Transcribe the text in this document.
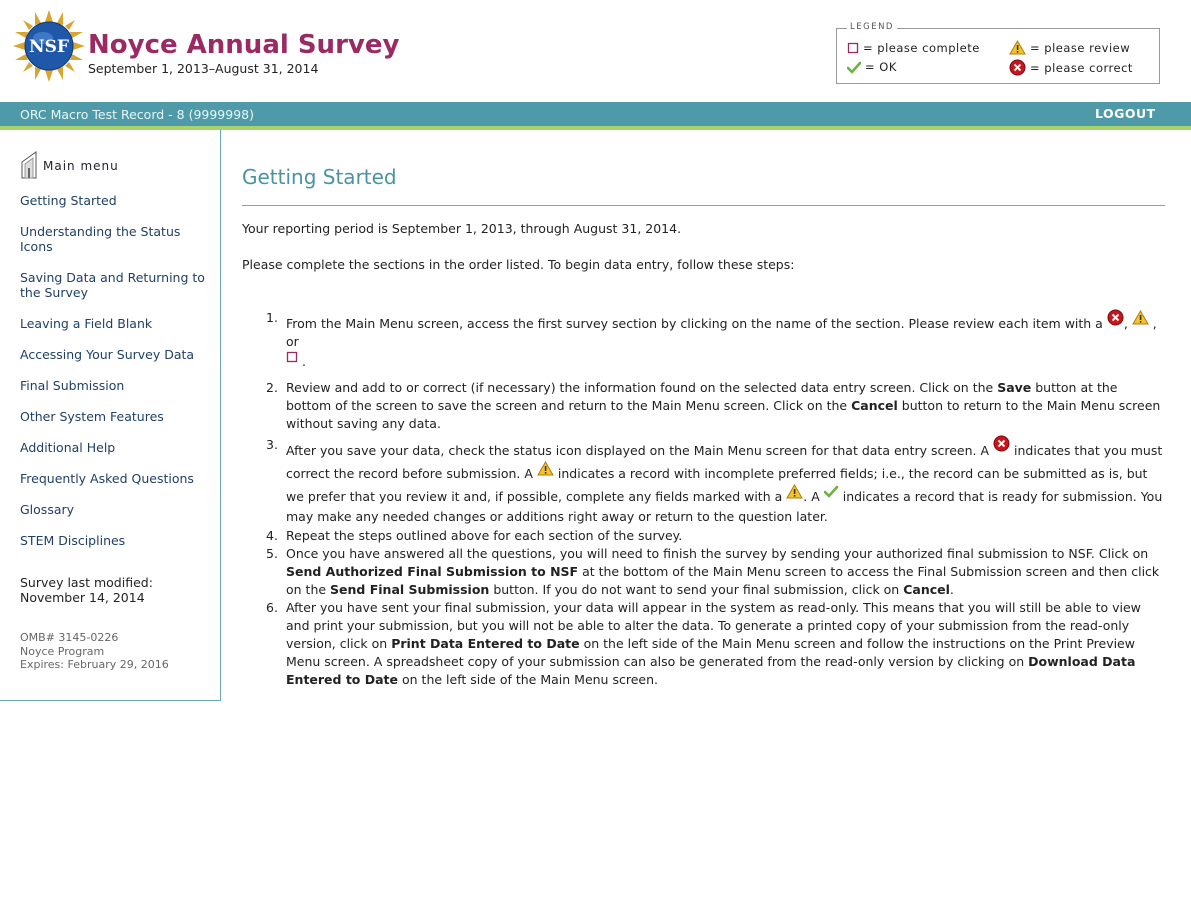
NSF Noyce Annual Survey
September 1, 2013–August 31, 2014
LEGEND
= please complete	= please review
= OK	= please correct
ORC Macro Test Record - 8 (9999998)	LOGOUT
Main menu
Getting Started
Understanding the Status Icons
Saving Data and Returning to the Survey
Leaving a Field Blank
Accessing Your Survey Data
Final Submission
Other System Features
Additional Help
Frequently Asked Questions
Glossary
STEM Disciplines
Survey last modified:
November 14, 2014
OMB# 3145-0226
Noyce Program
Expires: February 29, 2016
Getting Started
Your reporting period is September 1, 2013, through August 31, 2014.
Please complete the sections in the order listed. To begin data entry, follow these steps:
1. From the Main Menu screen, access the first survey section by clicking on the name of the section. Please review each item with a , , or
.
2. Review and add to or correct (if necessary) the information found on the selected data entry screen. Click on the Save button at the bottom of the screen to save the screen and return to the Main Menu screen. Click on the Cancel button to return to the Main Menu screen without saving any data.
3. After you save your data, check the status icon displayed on the Main Menu screen for that data entry screen. A indicates that you must correct the record before submission. A indicates a record with incomplete preferred fields; i.e., the record can be submitted as is, but we prefer that you review it and, if possible, complete any fields marked with a . A indicates a record that is ready for submission. You may make any needed changes or additions right away or return to the question later.
4. Repeat the steps outlined above for each section of the survey.
5. Once you have answered all the questions, you will need to finish the survey by sending your authorized final submission to NSF. Click on Send Authorized Final Submission to NSF at the bottom of the Main Menu screen to access the Final Submission screen and then click on the Send Final Submission button. If you do not want to send your final submission, click on Cancel.
6. After you have sent your final submission, your data will appear in the system as read-only. This means that you will still be able to view and print your submission, but you will not be able to alter the data. To generate a printed copy of your submission from the read-only version, click on Print Data Entered to Date on the left side of the Main Menu screen and follow the instructions on the Print Preview Menu screen. A spreadsheet copy of your submission can also be generated from the read-only version by clicking on Download Data Entered to Date on the left side of the Main Menu screen.
